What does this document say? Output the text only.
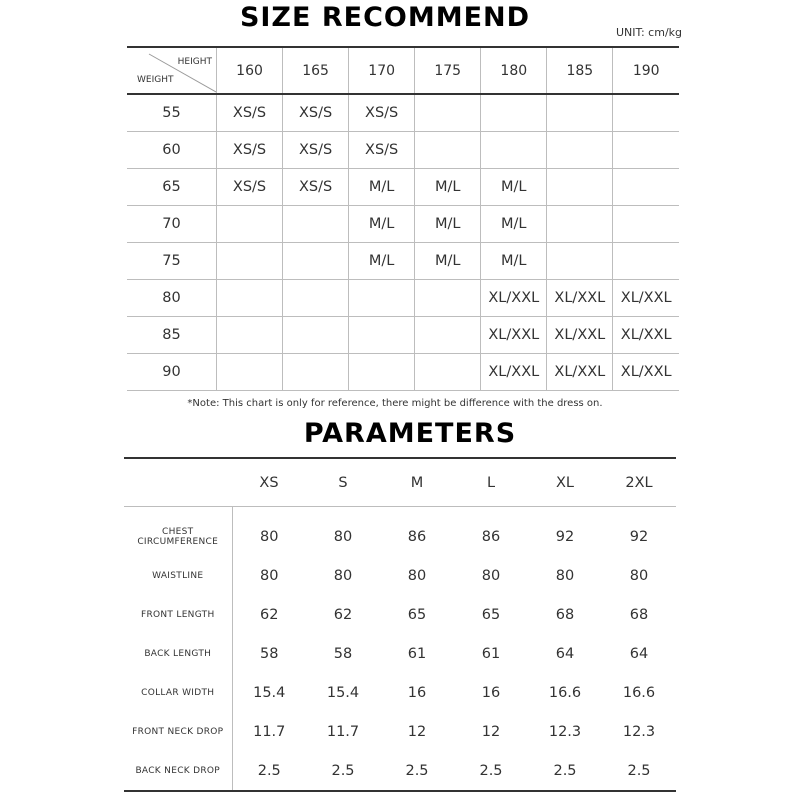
SIZE RECOMMEND	UNIT: cm/kg
HEIGHT
WEIGHT	160	165	170	175	180	185	190
55	XS/S	XS/S	XS/S				
60	XS/S	XS/S	XS/S				
65	XS/S	XS/S	M/L	M/L	M/L		
70			M/L	M/L	M/L		
75			M/L	M/L	M/L		
80					XL/XXL	XL/XXL	XL/XXL
85					XL/XXL	XL/XXL	XL/XXL
90					XL/XXL	XL/XXL	XL/XXL
*Note: This chart is only for reference, there might be difference with the dress on.
PARAMETERS
	XS	S	M	L	XL	2XL
CHEST CIRCUMFERENCE	80	80	86	86	92	92
WAISTLINE	80	80	80	80	80	80
FRONT LENGTH	62	62	65	65	68	68
BACK LENGTH	58	58	61	61	64	64
COLLAR WIDTH	15.4	15.4	16	16	16.6	16.6
FRONT NECK DROP	11.7	11.7	12	12	12.3	12.3
BACK NECK DROP	2.5	2.5	2.5	2.5	2.5	2.5
